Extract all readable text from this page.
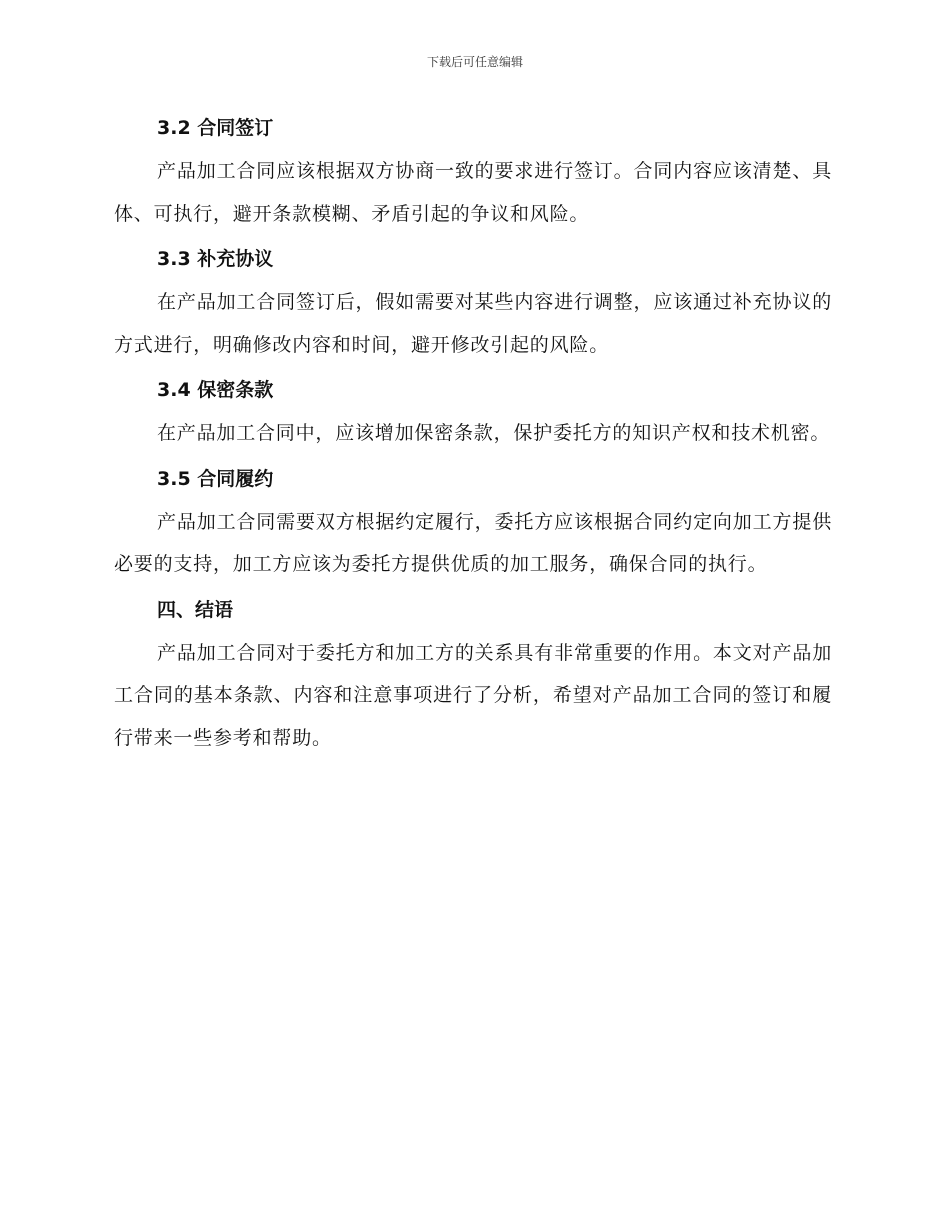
下载后可任意编辑
3.2 合同签订

产品加工合同应该根据双方协商一致的要求进行签订。合同内容应该清楚、具体、可执行，避开条款模糊、矛盾引起的争议和风险。

3.3 补充协议

在产品加工合同签订后，假如需要对某些内容进行调整，应该通过补充协议的方式进行，明确修改内容和时间，避开修改引起的风险。

3.4 保密条款

在产品加工合同中，应该增加保密条款，保护委托方的知识产权和技术机密。

3.5 合同履约

产品加工合同需要双方根据约定履行，委托方应该根据合同约定向加工方提供必要的支持，加工方应该为委托方提供优质的加工服务，确保合同的执行。

四、结语

产品加工合同对于委托方和加工方的关系具有非常重要的作用。本文对产品加工合同的基本条款、内容和注意事项进行了分析，希望对产品加工合同的签订和履行带来一些参考和帮助。
